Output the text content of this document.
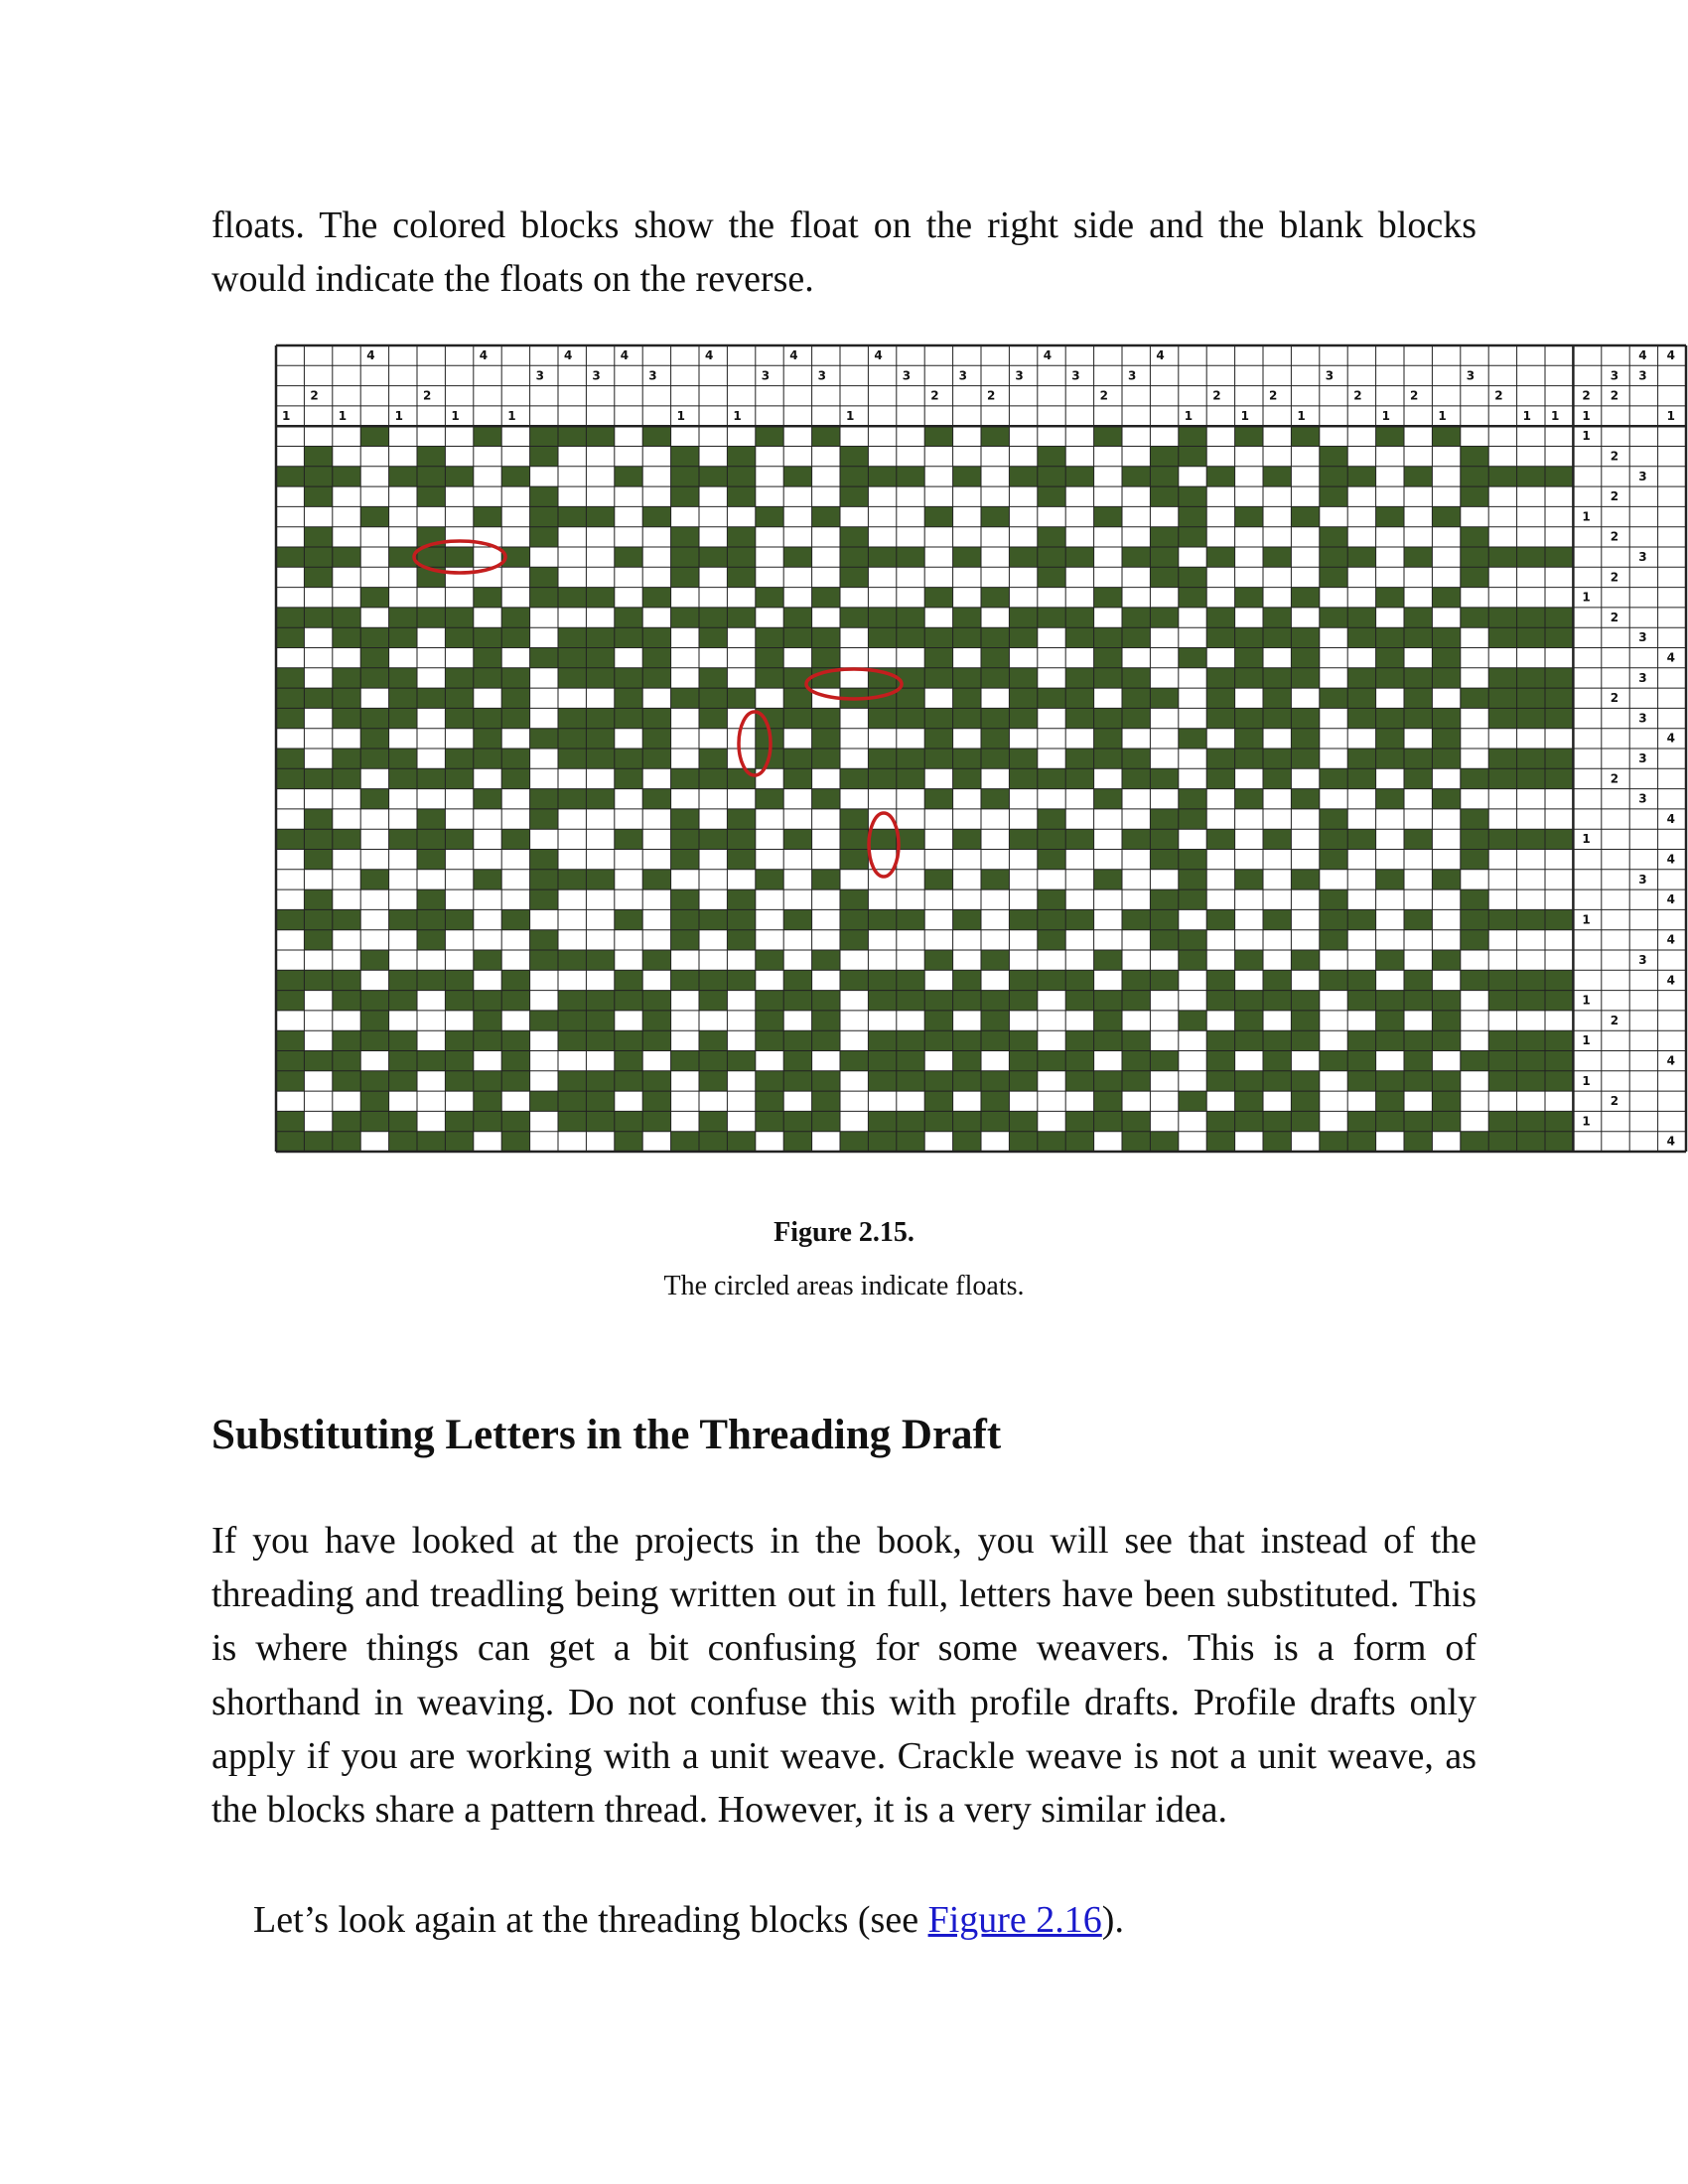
floats. The colored blocks show the float on the right side and the blank blocks would indicate the floats on the reverse.

1
2
1
4
1
2
1
4
1
3
4
3
4
3
1
4
1
3
4
3
1
4
3
2
3
2
3
4
3
2
3
4
1
2
1
2
1
3
2
1
2
1
3
2
1 1
4 4
3 3
2 2
1	1
1
2
3
2
1
2
3
2
1
2
3
4
3
2
3
4
3
2
3
4
1
4
3
4
1
4
3
4
1
2
1
4
1
2
1
4
Figure 2.15.
The circled areas indicate floats.
Substituting Letters in the Threading Draft

If you have looked at the projects in the book, you will see that instead of the threading and treadling being written out in full, letters have been substituted. This is where things can get a bit confusing for some weavers. This is a form of shorthand in weaving. Do not confuse this with profile drafts. Profile drafts only apply if you are working with a unit weave. Crackle weave is not a unit weave, as the blocks share a pattern thread. However, it is a very similar idea.

Let’s look again at the threading blocks (see Figure 2.16).
